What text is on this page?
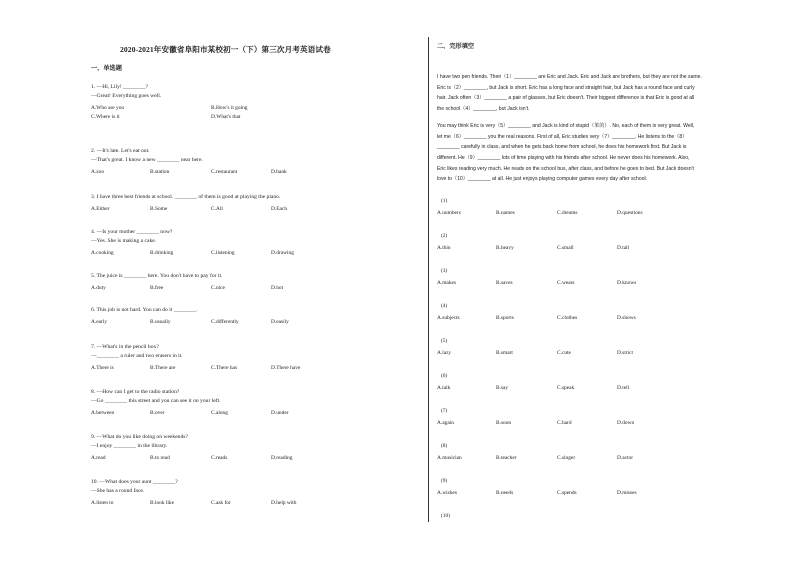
2020-2021年安徽省阜阳市某校初一（下）第三次月考英语试卷
一、单选题
二、完形填空
1. —Hi, Lily! ________?
—Great! Everything goes well.
A.Who are you	B.How's it going
C.Where is it	D.What's that
2. —It's late. Let's eat out.
—That's great. I know a new ________ near here.
A.zoo	B.station	C.restaurant	D.bank
3. I have three best friends at school. ________ of them is good at playing the piano.
A.Either	B.Some	C.All	D.Each
4. —Is your mother ________ now?
—Yes. She is making a cake.
A.cooking	B.drinking	C.listening	D.drawing
5. The juice is ________ here. You don't have to pay for it.
A.duty	B.free	C.nice	D.hot
6. This job is not hard. You can do it ________.
A.early	B.usually	C.differently	D.easily
7. —What's in the pencil box?
—________ a ruler and two erasers in it.
A.There is	B.There are	C.There has	D.There have
8. —How can I get to the radio station?
—Go ________ this street and you can see it on your left.
A.between	B.over	C.along	D.under
9. —What do you like doing on weekends?
—I enjoy ________ in the library.
A.read	B.to read	C.reads	D.reading
10. —What does your aunt ________?
—She has a round face.
A.listen to	B.look like	C.ask for	D.help with

I have two pen friends. Their（1）________ are Eric and Jack. Eric and Jack are brothers, but they are not the same.

Eric is（2）________, but Jack is short. Eric has a long face and straight hair, but Jack has a round face and curly

hair. Jack often（3）________ a pair of glasses, but Eric doesn't. Their biggest difference is that Eric is good at all

the school（4）________, but Jack isn't.

You may think Eric is very（5）________ and Jack is kind of stupid（笨的）. No, each of them is very great. Well,

let me（6）________ you the real reasons. First of all, Eric studies very（7）________. He listens to the（8）

________ carefully in class, and when he gets back home from school, he does his homework first. But Jack is

different. He（9）________ lots of time playing with his friends after school. He never does his homework. Also,

Eric likes reading very much. He reads on the school bus, after class, and before he goes to bed. But Jack doesn't

love to（10）________ at all. He just enjoys playing computer games every day after school.

(1)
A.numbers	B.names	C.dreams	D.questions
(2)
A.thin	B.heavy	C.small	D.tall
(3)
A.makes	B.saves	C.wears	D.knows
(4)
A.subjects	B.sports	C.clothes	D.shows
(5)
A.lazy	B.smart	C.cute	D.strict
(6)
A.talk	B.say	C.speak	D.tell
(7)
A.again	B.soon	C.hard	D.down
(8)
A.musician	B.teacher	C.singer	D.actor
(9)
A.wishes	B.needs	C.spends	D.misses
(10)
